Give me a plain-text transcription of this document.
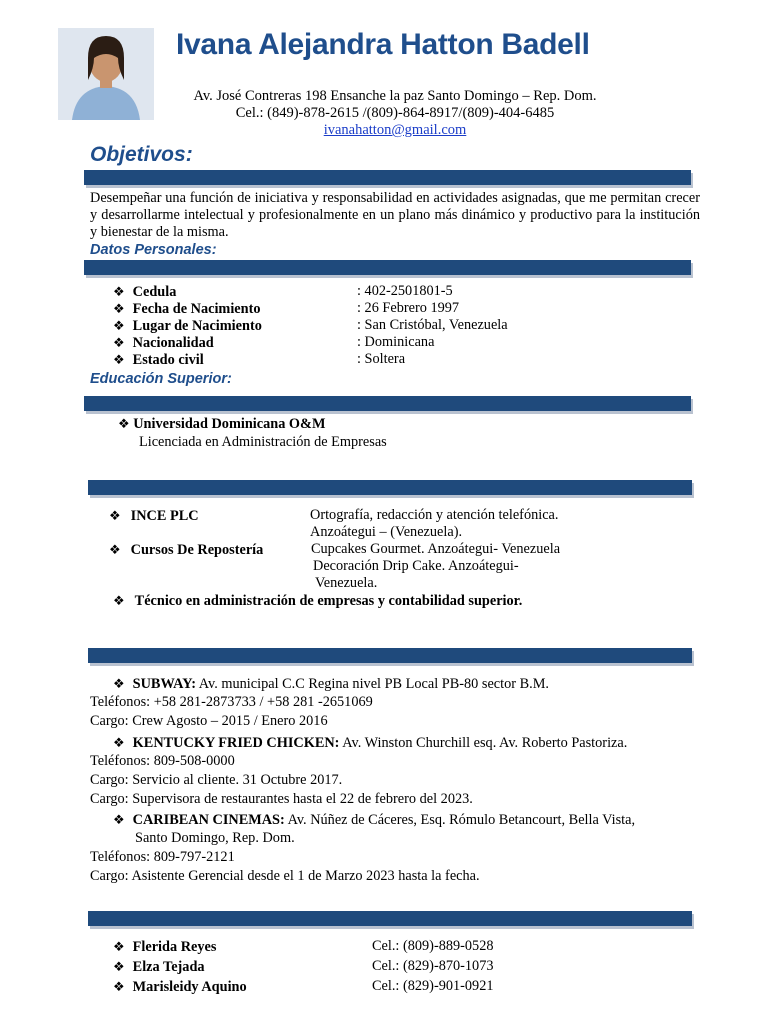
Ivana Alejandra Hatton Badell
Av. José Contreras 198 Ensanche la paz Santo Domingo – Rep. Dom.
Cel.: (849)-878-2615 /(809)-864-8917/(809)-404-6485
ivanahatton@gmail.com
Objetivos:
Desempeñar una función de iniciativa y responsabilidad en actividades asignadas, que me permitan crecer y desarrollarme intelectual y profesionalmente en un plano más dinámico y productivo para la institución y bienestar de la misma.
Datos Personales:
❖ Cedula	: 402-2501801-5
❖ Fecha de Nacimiento	: 26 Febrero 1997
❖ Lugar de Nacimiento	: San Cristóbal, Venezuela
❖ Nacionalidad	: Dominicana
❖ Estado civil	: Soltera
Educación Superior:
❖ Universidad Dominicana O&M
Licenciada en Administración de Empresas
❖ INCE PLC	Ortografía, redacción y atención telefónica.
Anzoátegui – (Venezuela).
❖ Cursos De Repostería	Cupcakes Gourmet. Anzoátegui- Venezuela
Decoración Drip Cake. Anzoátegui-
Venezuela.
❖ Técnico en administración de empresas y contabilidad superior.
❖ SUBWAY: Av. municipal C.C Regina nivel PB Local PB-80 sector B.M.
Teléfonos: +58 281-2873733 / +58 281 -2651069
Cargo: Crew Agosto – 2015 / Enero 2016
❖ KENTUCKY FRIED CHICKEN: Av. Winston Churchill esq. Av. Roberto Pastoriza.
Teléfonos: 809-508-0000
Cargo: Servicio al cliente. 31 Octubre 2017.
Cargo: Supervisora de restaurantes hasta el 22 de febrero del 2023.
❖ CARIBEAN CINEMAS: Av. Núñez de Cáceres, Esq. Rómulo Betancourt, Bella Vista,
Santo Domingo, Rep. Dom.
Teléfonos: 809-797-2121
Cargo: Asistente Gerencial desde el 1 de Marzo 2023 hasta la fecha.
❖ Flerida Reyes	Cel.: (809)-889-0528
❖ Elza Tejada	Cel.: (829)-870-1073
❖ Marisleidy Aquino	Cel.: (829)-901-0921
